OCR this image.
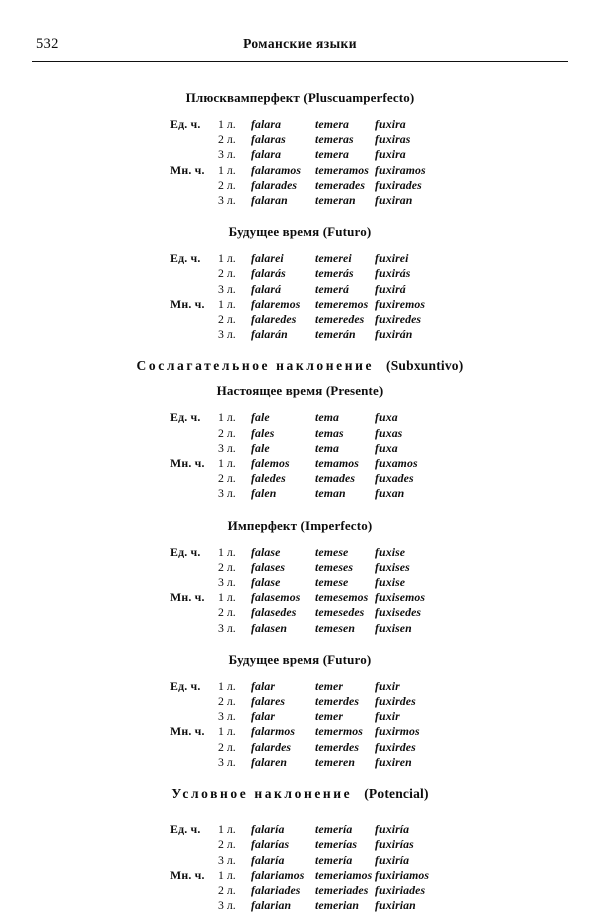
532	Романские языки
Плюсквамперфект (Pluscuamperfecto)
Ед. ч.	1 л.	falara	temera	fuxira
	2 л.	falaras	temeras	fuxiras
	3 л.	falara	temera	fuxira
Мн. ч.	1 л.	falaramos	temeramos	fuxiramos
	2 л.	falarades	temerades	fuxirades
	3 л.	falaran	temeran	fuxiran
Будущее время (Futuro)
Ед. ч.	1 л.	falarei	temerei	fuxirei
	2 л.	falarás	temerás	fuxirás
	3 л.	falará	temerá	fuxirá
Мн. ч.	1 л.	falaremos	temeremos	fuxiremos
	2 л.	falaredes	temeredes	fuxiredes
	3 л.	falarán	temerán	fuxirán
Сослагательное наклонение (Subxuntivo)
Настоящее время (Presente)
Ед. ч.	1 л.	fale	tema	fuxa
	2 л.	fales	temas	fuxas
	3 л.	fale	tema	fuxa
Мн. ч.	1 л.	falemos	temamos	fuxamos
	2 л.	faledes	temades	fuxades
	3 л.	falen	teman	fuxan
Имперфект (Imperfecto)
Ед. ч.	1 л.	falase	temese	fuxise
	2 л.	falases	temeses	fuxises
	3 л.	falase	temese	fuxise
Мн. ч.	1 л.	falasemos	temesemos	fuxisemos
	2 л.	falasedes	temesedes	fuxisedes
	3 л.	falasen	temesen	fuxisen
Будущее время (Futuro)
Ед. ч.	1 л.	falar	temer	fuxir
	2 л.	falares	temerdes	fuxirdes
	3 л.	falar	temer	fuxir
Мн. ч.	1 л.	falarmos	temermos	fuxirmos
	2 л.	falardes	temerdes	fuxirdes
	3 л.	falaren	temeren	fuxiren
Условное наклонение (Potencial)
Ед. ч.	1 л.	falaría	temería	fuxiría
	2 л.	falarías	temerías	fuxirías
	3 л.	falaría	temería	fuxiría
Мн. ч.	1 л.	falariamos	temeriamos	fuxiriamos
	2 л.	falariades	temeriades	fuxiriades
	3 л.	falarian	temerian	fuxirian
